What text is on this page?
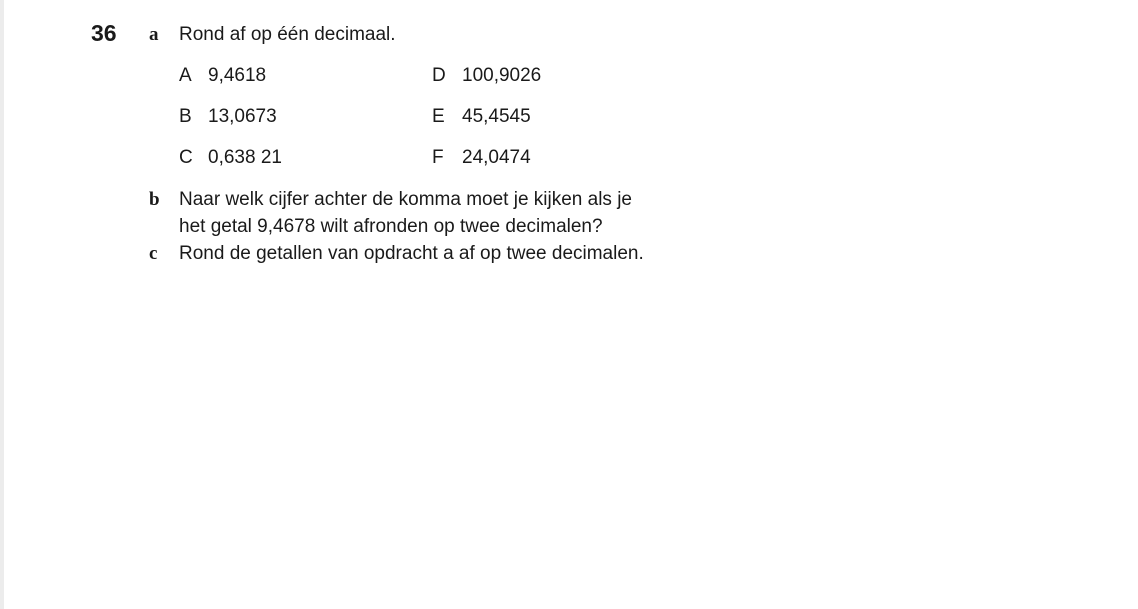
36 a Rond af op één decimaal.
A 9,4618
B 13,0673
C 0,638 21
D 100,9026
E 45,4545
F 24,0474
b Naar welk cijfer achter de komma moet je kijken als je
het getal 9,4678 wilt afronden op twee decimalen?
c Rond de getallen van opdracht a af op twee decimalen.
